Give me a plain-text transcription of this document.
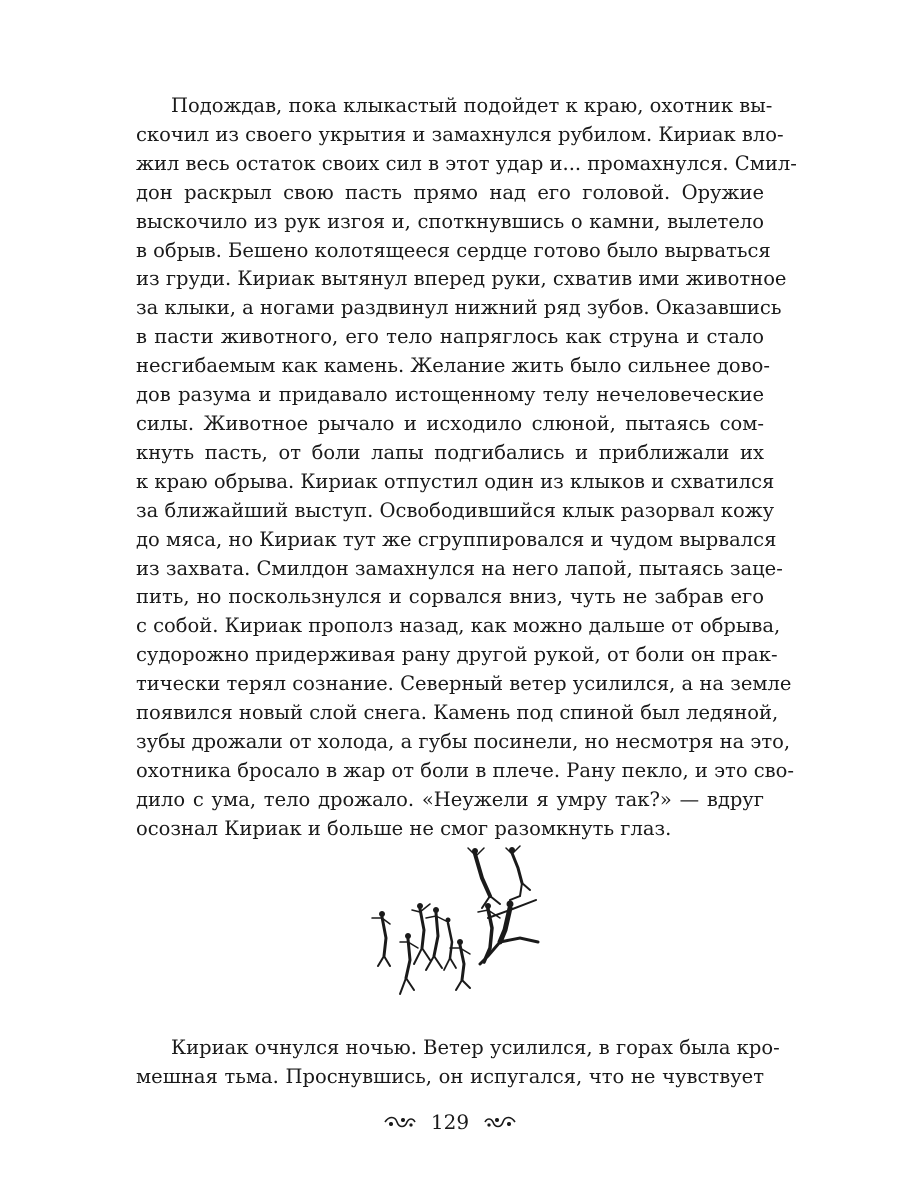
Подождав, пока клыкастый подойдет к краю, охотник вы-
скочил из своего укрытия и замахнулся рубилом. Кириак вло-
жил весь остаток своих сил в этот удар и... промахнулся. Смил-
дон раскрыл свою пасть прямо над его головой. Оружие
выскочило из рук изгоя и, споткнувшись о камни, вылетело
в обрыв. Бешено колотящееся сердце готово было вырваться
из груди. Кириак вытянул вперед руки, схватив ими животное
за клыки, а ногами раздвинул нижний ряд зубов. Оказавшись
в пасти животного, его тело напряглось как струна и стало
несгибаемым как камень. Желание жить было сильнее дово-
дов разума и придавало истощенному телу нечеловеческие
силы. Животное рычало и исходило слюной, пытаясь сом-
кнуть пасть, от боли лапы подгибались и приближали их
к краю обрыва. Кириак отпустил один из клыков и схватился
за ближайший выступ. Освободившийся клык разорвал кожу
до мяса, но Кириак тут же сгруппировался и чудом вырвался
из захвата. Смилдон замахнулся на него лапой, пытаясь заце-
пить, но поскользнулся и сорвался вниз, чуть не забрав его
с собой. Кириак прополз назад, как можно дальше от обрыва,
судорожно придерживая рану другой рукой, от боли он прак-
тически терял сознание. Северный ветер усилился, а на земле
появился новый слой снега. Камень под спиной был ледяной,
зубы дрожали от холода, а губы посинели, но несмотря на это,
охотника бросало в жар от боли в плече. Рану пекло, и это сво-
дило с ума, тело дрожало. «Неужели я умру так?» — вдруг
осознал Кириак и больше не смог разомкнуть глаз.
Кириак очнулся ночью. Ветер усилился, в горах была кро-
мешная тьма. Проснувшись, он испугался, что не чувствует
129
